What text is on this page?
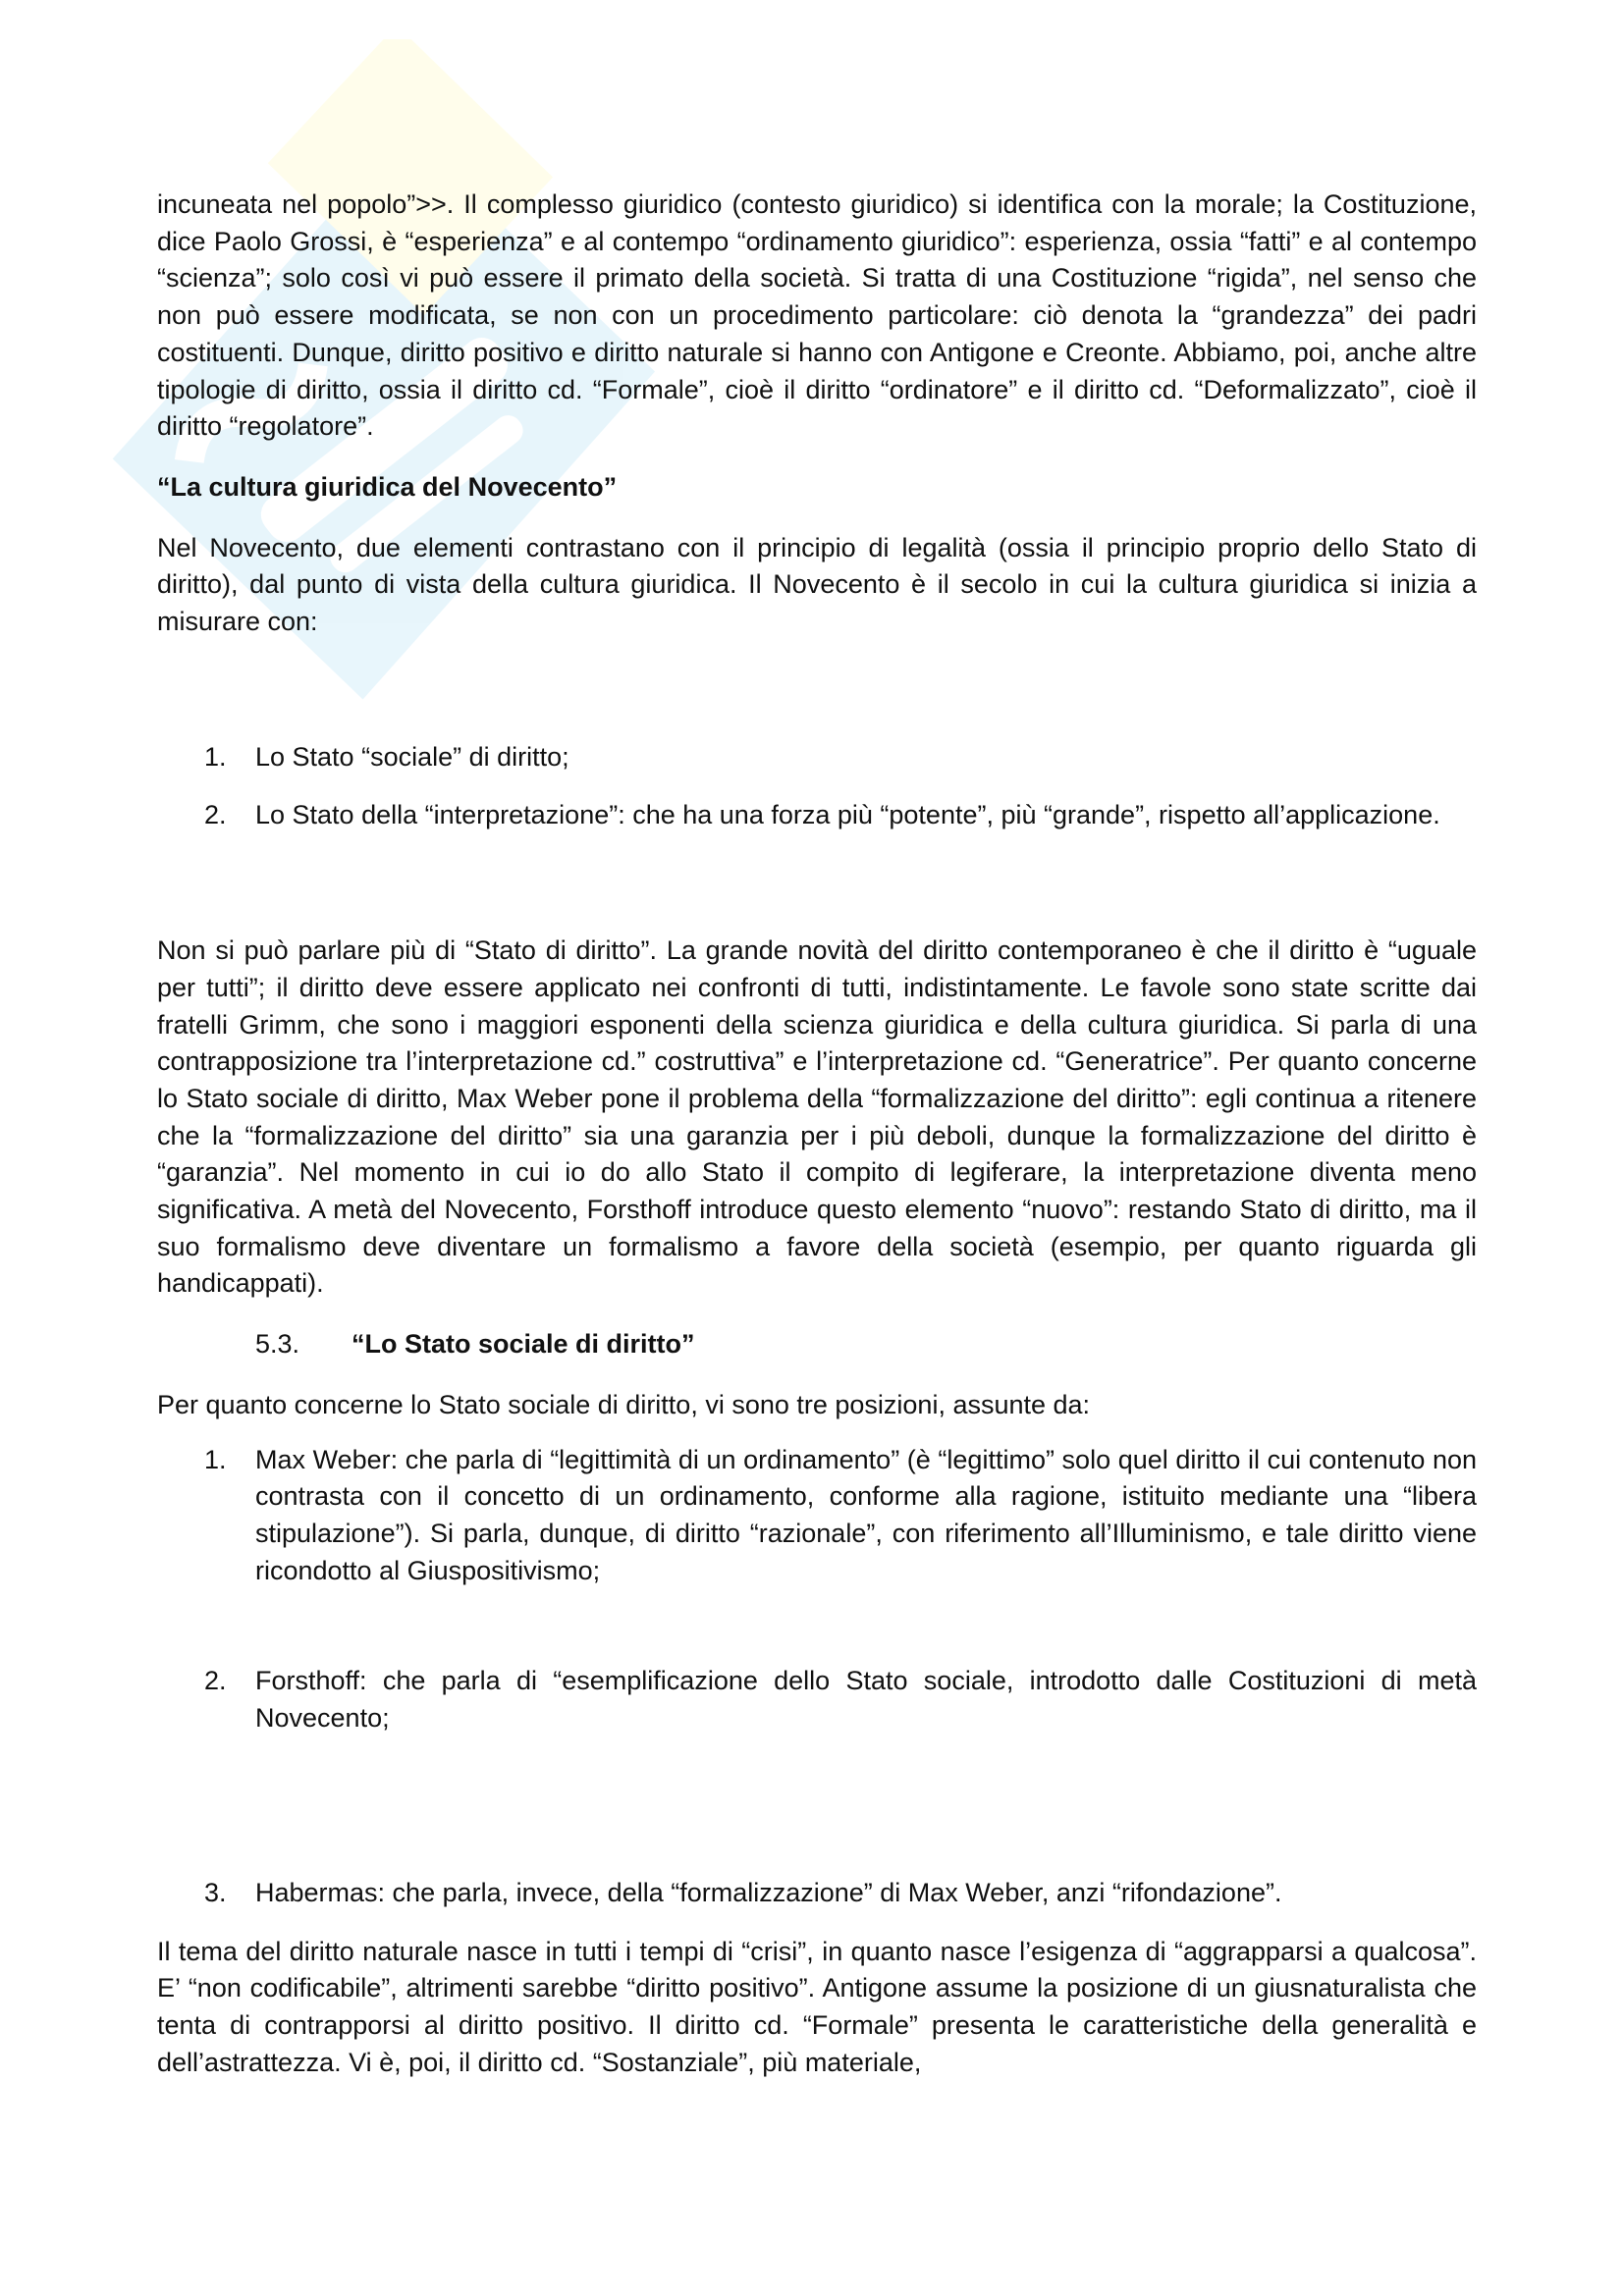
incuneata nel popolo”>>. Il complesso giuridico (contesto giuridico) si identifica con la morale; la Costituzione, dice Paolo Grossi, è “esperienza” e al contempo “ordinamento giuridico”: esperienza, ossia “fatti” e al contempo “scienza”; solo così vi può essere il primato della società. Si tratta di una Costituzione “rigida”, nel senso che non può essere modificata, se non con un procedimento particolare: ciò denota la “grandezza” dei padri costituenti. Dunque, diritto positivo e diritto naturale si hanno con Antigone e Creonte. Abbiamo, poi, anche altre tipologie di diritto, ossia il diritto cd. “Formale”, cioè il diritto “ordinatore” e il diritto cd. “Deformalizzato”, cioè il diritto “regolatore”.

“La cultura giuridica del Novecento”

Nel Novecento, due elementi contrastano con il principio di legalità (ossia il principio proprio dello Stato di diritto), dal punto di vista della cultura giuridica. Il Novecento è il secolo in cui la cultura giuridica si inizia a misurare con:

1. Lo Stato “sociale” di diritto;
2. Lo Stato della “interpretazione”: che ha una forza più “potente”, più “grande”, rispetto all’applicazione.

Non si può parlare più di “Stato di diritto”. La grande novità del diritto contemporaneo è che il diritto è “uguale per tutti”; il diritto deve essere applicato nei confronti di tutti, indistintamente. Le favole sono state scritte dai fratelli Grimm, che sono i maggiori esponenti della scienza giuridica e della cultura giuridica. Si parla di una contrapposizione tra l’interpretazione cd.” costruttiva” e l’interpretazione cd. “Generatrice”. Per quanto concerne lo Stato sociale di diritto, Max Weber pone il problema della “formalizzazione del diritto”: egli continua a ritenere che la “formalizzazione del diritto” sia una garanzia per i più deboli, dunque la formalizzazione del diritto è “garanzia”. Nel momento in cui io do allo Stato il compito di legiferare, la interpretazione diventa meno significativa. A metà del Novecento, Forsthoff introduce questo elemento “nuovo”: restando Stato di diritto, ma il suo formalismo deve diventare un formalismo a favore della società (esempio, per quanto riguarda gli handicappati).

5.3. “Lo Stato sociale di diritto”

Per quanto concerne lo Stato sociale di diritto, vi sono tre posizioni, assunte da:

1. Max Weber: che parla di “legittimità di un ordinamento” (è “legittimo” solo quel diritto il cui contenuto non contrasta con il concetto di un ordinamento, conforme alla ragione, istituito mediante una “libera stipulazione”). Si parla, dunque, di diritto “razionale”, con riferimento all’Illuminismo, e tale diritto viene ricondotto al Giuspositivismo;
2. Forsthoff: che parla di “esemplificazione dello Stato sociale, introdotto dalle Costituzioni di metà Novecento;
3. Habermas: che parla, invece, della “formalizzazione” di Max Weber, anzi “rifondazione”.

Il tema del diritto naturale nasce in tutti i tempi di “crisi”, in quanto nasce l’esigenza di “aggrapparsi a qualcosa”. E’ “non codificabile”, altrimenti sarebbe “diritto positivo”. Antigone assume la posizione di un giusnaturalista che tenta di contrapporsi al diritto positivo. Il diritto cd. “Formale” presenta le caratteristiche della generalità e dell’astrattezza. Vi è, poi, il diritto cd. “Sostanziale”, più materiale,
